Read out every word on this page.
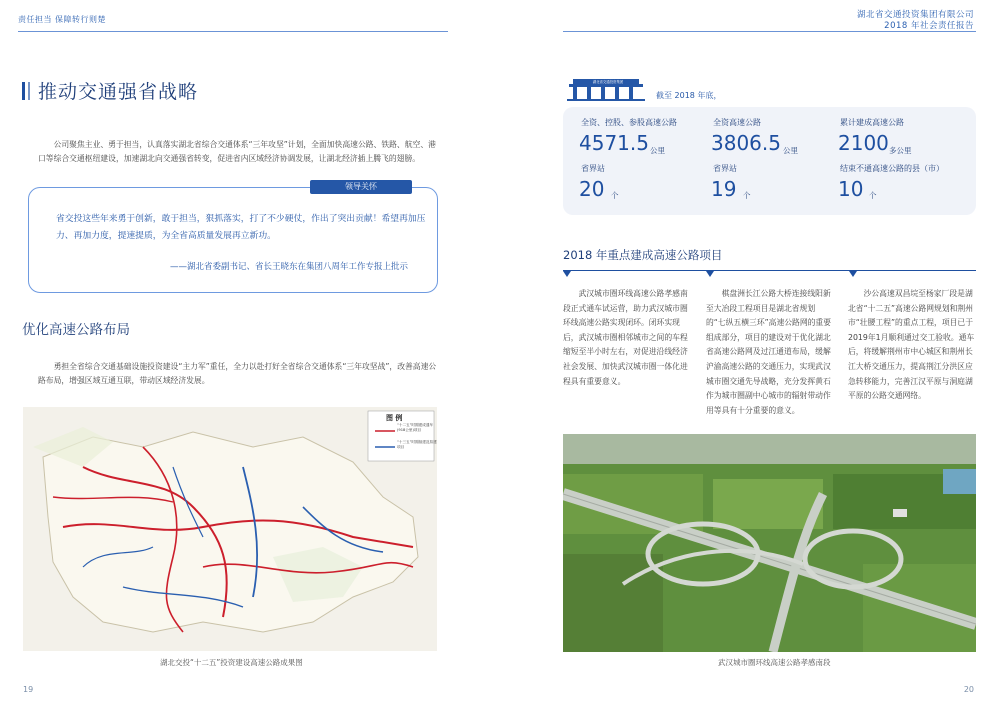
责任担当 保障转行则楚	湖北省交通投资集团有限公司
2018 年社会责任报告
推动交通强省战略
公司聚焦主业、勇于担当，认真落实湖北省综合交通体系“三年攻坚”计划，全面加快高速公路、铁路、航空、港口等综合交通枢纽建设，加速湖北向交通强省转变，促进省内区域经济协调发展，让湖北经济插上腾飞的翅膀。
领导关怀
省交投这些年来勇于创新，敢于担当，狠抓落实，打了不少硬仗，作出了突出贡献！希望再加压力、再加力度，提速提质，为全省高质量发展再立新功。
——湖北省委副书记、省长王晓东在集团八周年工作专报上批示
优化高速公路布局
勇担全省综合交通基础设施投资建设“主力军”重任，全力以赴打好全省综合交通体系“三年攻坚战”，改善高速公路布局，增强区域互通互联，带动区域经济发展。
图 例
“十二五”时期建成通车(918公里)项目
“十三五”时期续建及拟建项目
湖北交投“十二五”投资建设高速公路成果图
19
湖北省交通投资集团
截至 2018 年底，
全资、控股、参股高速公路
4571.5 公里
全资高速公路
3806.5 公里
累计建成高速公路
2100 多公里
省界站
20 个
省界站
19 个
结束不通高速公路的县（市）
10 个
2018 年重点建成高速公路项目
武汉城市圈环线高速公路孝感南段正式通车试运营，助力武汉城市圈环线高速公路实现闭环。闭环实现后，武汉城市圈相邻城市之间的车程缩短至半小时左右，对促进沿线经济社会发展、加快武汉城市圈一体化进程具有重要意义。
棋盘洲长江公路大桥连接线阳新至大冶段工程项目是湖北省规划的“七纵五横三环”高速公路网的重要组成部分，项目的建设对于优化湖北省高速公路网及过江通道布局，缓解沪渝高速公路的交通压力，实现武汉城市圈交通先导战略，充分发挥黄石作为城市圈副中心城市的辐射带动作用等具有十分重要的意义。
沙公高速双昌垸至杨家厂段是湖北省“十二五”高速公路网规划和荆州市“壮腰工程”的重点工程，项目已于2019年1月顺利通过交工验收。通车后，将缓解荆州市中心城区和荆州长江大桥交通压力，提高荆江分洪区应急转移能力，完善江汉平原与洞庭湖平原的公路交通网络。
武汉城市圈环线高速公路孝感南段
20
